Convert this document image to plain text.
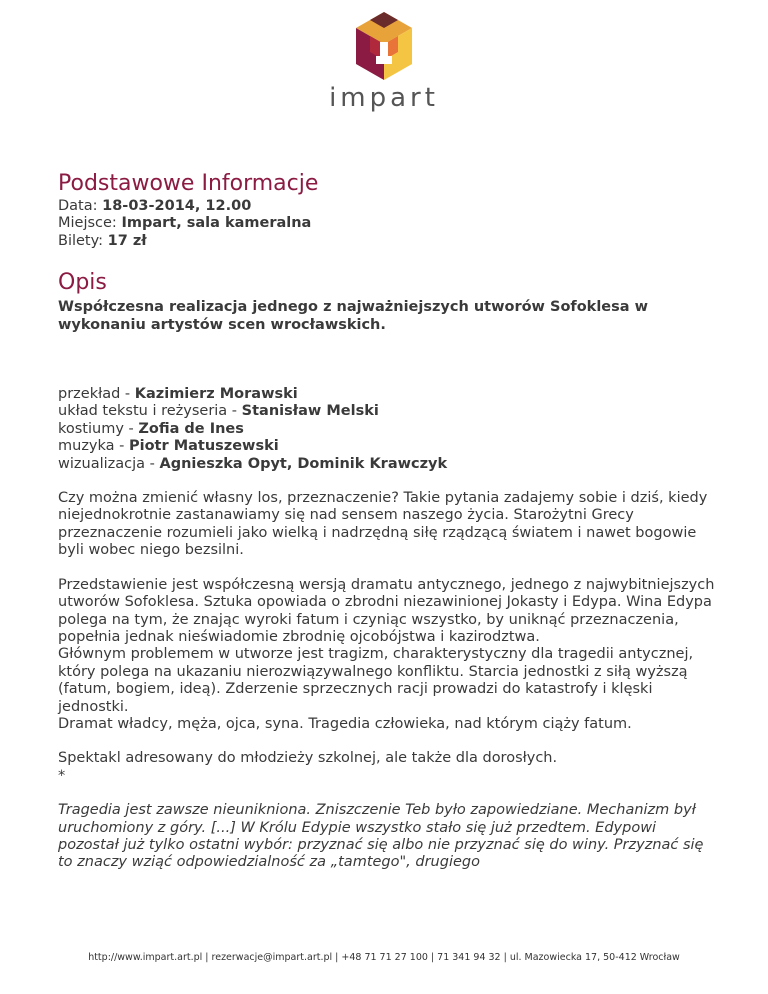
impart
Podstawowe Informacje

Data: 18-03-2014, 12.00

Miejsce: Impart, sala kameralna

Bilety: 17 zł

Opis

Współczesna realizacja jednego z najważniejszych utworów Sofoklesa w wykonaniu artystów scen wrocławskich.

przekład - Kazimierz Morawski
układ tekstu i reżyseria - Stanisław Melski
kostiumy - Zofia de Ines
muzyka - Piotr Matuszewski
wizualizacja - Agnieszka Opyt, Dominik Krawczyk

Czy można zmienić własny los, przeznaczenie? Takie pytania zadajemy sobie i dziś, kiedy niejednokrotnie zastanawiamy się nad sensem naszego życia. Starożytni Grecy przeznaczenie rozumieli jako wielką i nadrzędną siłę rządzącą światem i nawet bogowie byli wobec niego bezsilni.

Przedstawienie jest współczesną wersją dramatu antycznego, jednego z najwybitniejszych utworów Sofoklesa. Sztuka opowiada o zbrodni niezawinionej Jokasty i Edypa. Wina Edypa polega na tym, że znając wyroki fatum i czyniąc wszystko, by uniknąć przeznaczenia, popełnia jednak nieświadomie zbrodnię ojcobójstwa i kazirodztwa.
Głównym problemem w utworze jest tragizm, charakterystyczny dla tragedii antycznej, który polega na ukazaniu nierozwiązywalnego konfliktu. Starcia jednostki z siłą wyższą (fatum, bogiem, ideą). Zderzenie sprzecznych racji prowadzi do katastrofy i klęski jednostki.
Dramat władcy, męża, ojca, syna. Tragedia człowieka, nad którym ciąży fatum.
Spektakl adresowany do młodzieży szkolnej, ale także dla dorosłych.
*

Tragedia jest zawsze nieunikniona. Zniszczenie Teb było zapowiedziane. Mechanizm był uruchomiony z góry. [...] W Królu Edypie wszystko stało się już przedtem. Edypowi pozostał już tylko ostatni wybór: przyznać się albo nie przyznać się do winy. Przyznać się to znaczy wziąć odpowiedzialność za „tamtego", drugiego

http://www.impart.art.pl | rezerwacje@impart.art.pl | +48 71 71 27 100 | 71 341 94 32 | ul. Mazowiecka 17, 50-412 Wrocław
